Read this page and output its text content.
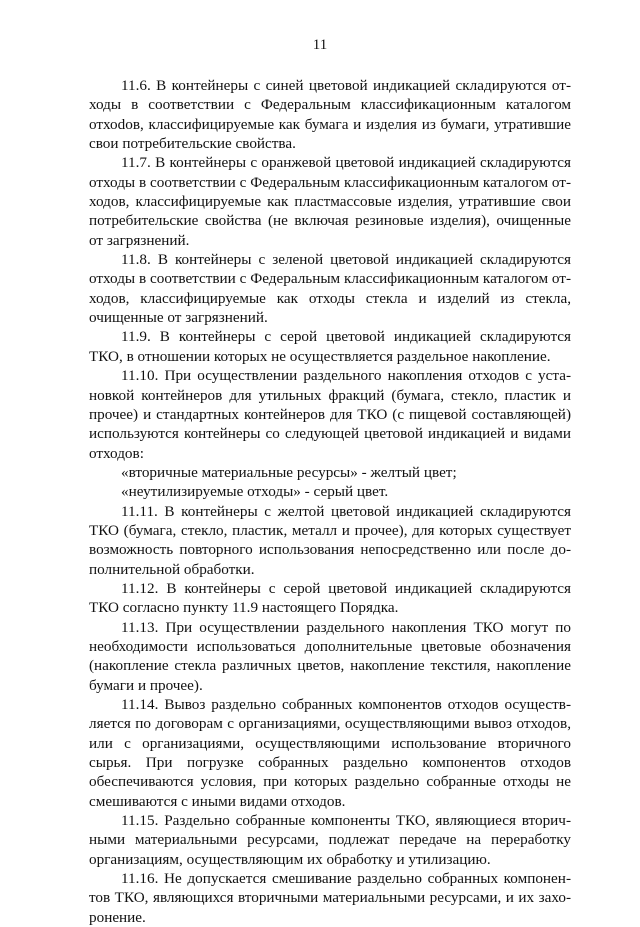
11

11.6. В контейнеры с синей цветовой индикацией складируются отходы в соответствии с Федеральным классификационным каталогом отхоdов, классифицируемые как бумага и изделия из бумаги, утратившие свои потребительские свойства.

11.7. В контейнеры с оранжевой цветовой индикацией складируются отходы в соответствии с Федеральным классификационным каталогом отходов, классифицируемые как пластмассовые изделия, утратившие свои потребительские свойства (не включая резиновые изделия), очищенные от загрязнений.

11.8. В контейнеры с зеленой цветовой индикацией складируются отходы в соответствии с Федеральным классификационным каталогом отходов, классифицируемые как отходы стекла и изделий из стекла, очищенные от загрязнений.

11.9. В контейнеры с серой цветовой индикацией складируются ТКО, в отношении которых не осуществляется раздельное накопление.

11.10. При осуществлении раздельного накопления отходов с установкой контейнеров для утильных фракций (бумага, стекло, пластик и прочее) и стандартных контейнеров для ТКО (с пищевой составляющей) используются контейнеры со следующей цветовой индикацией и видами отходов:

«вторичные материальные ресурсы» - желтый цвет;

«неутилизируемые отходы» - серый цвет.

11.11. В контейнеры с желтой цветовой индикацией складируются ТКО (бумага, стекло, пластик, металл и прочее), для которых существует возможность повторного использования непосредственно или после дополнительной обработки.

11.12. В контейнеры с серой цветовой индикацией складируются ТКО согласно пункту 11.9 настоящего Порядка.

11.13. При осуществлении раздельного накопления ТКО могут по необходимости использоваться дополнительные цветовые обозначения (накопление стекла различных цветов, накопление текстиля, накопление бумаги и прочее).

11.14. Вывоз раздельно собранных компонентов отходов осуществляется по договорам с организациями, осуществляющими вывоз отходов, или с организациями, осуществляющими использование вторичного сырья. При погрузке собранных раздельно компонентов отходов обеспечиваются условия, при которых раздельно собранные отходы не смешиваются с иными видами отходов.

11.15. Раздельно собранные компоненты ТКО, являющиеся вторичными материальными ресурсами, подлежат передаче на переработку организациям, осуществляющим их обработку и утилизацию.

11.16. Не допускается смешивание раздельно собранных компонентов ТКО, являющихся вторичными материальными ресурсами, и их захоронение.
